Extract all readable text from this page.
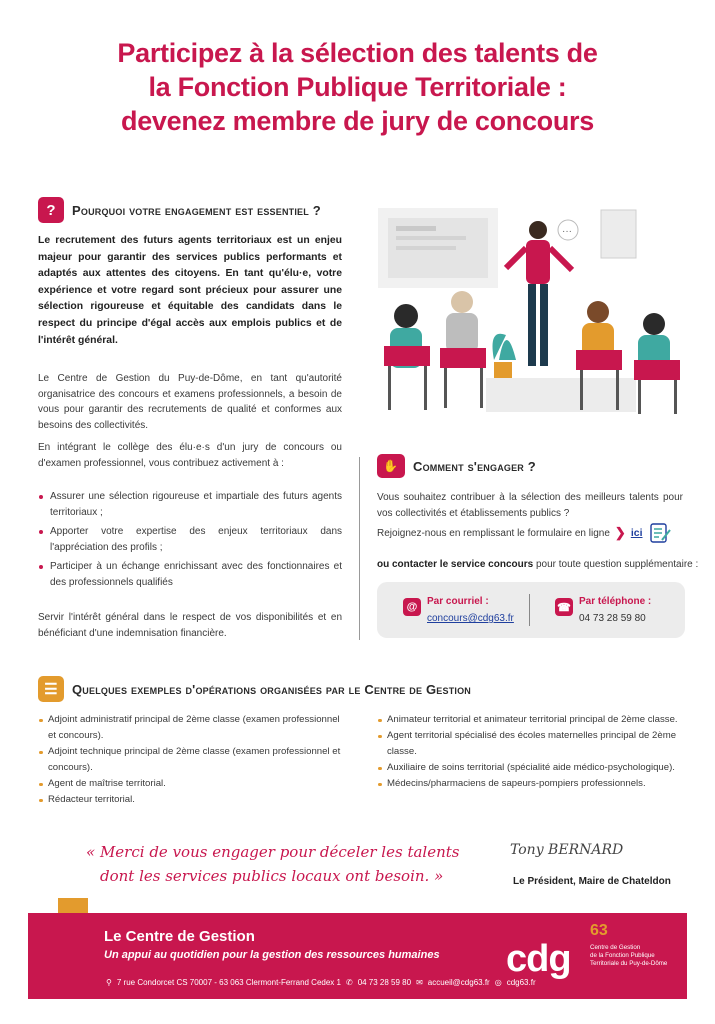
Participez à la sélection des talents de
la Fonction Publique Territoriale :
devenez membre de jury de concours
?	Pourquoi votre engagement est essentiel ?
Le recrutement des futurs agents territoriaux est un enjeu majeur pour garantir des services publics performants et adaptés aux attentes des citoyens. En tant qu'élu·e, votre expérience et votre regard sont précieux pour assurer une sélection rigoureuse et équitable des candidats dans le respect du principe d'égal accès aux emplois publics et de l'intérêt général.
Le Centre de Gestion du Puy-de-Dôme, en tant qu'autorité organisatrice des concours et examens professionnels, a besoin de vous pour garantir des recrutements de qualité et conformes aux besoins des collectivités.
En intégrant le collège des élu·e·s d'un jury de concours ou d'examen professionnel, vous contribuez activement à :
Assurer une sélection rigoureuse et impartiale des futurs agents territoriaux ;
Apporter votre expertise des enjeux territoriaux dans l'appréciation des profils ;
Participer à un échange enrichissant avec des fonctionnaires et des professionnels qualifiés
Servir l'intérêt général dans le respect de vos disponibilités et en bénéficiant d'une indemnisation financière.
···
✋	Comment s'engager ?
Vous souhaitez contribuer à la sélection des meilleurs talents pour vos collectivités et établissements publics ?
Rejoignez-nous en remplissant le formulaire en ligne ❯ ici
ou contacter le service concours pour toute question supplémentaire :
@ Par courriel :
concours@cdg63.fr
☎ Par téléphone :
04 73 28 59 80
☰	Quelques exemples d'opérations organisées par le Centre de Gestion
Adjoint administratif principal de 2ème classe (examen professionnel et concours).
Adjoint technique principal de 2ème classe (examen professionnel et concours).
Agent de maîtrise territorial.
Rédacteur territorial.
Animateur territorial et animateur territorial principal de 2ème classe.
Agent territorial spécialisé des écoles maternelles principal de 2ème classe.
Auxiliaire de soins territorial (spécialité aide médico-psychologique).
Médecins/pharmaciens de sapeurs-pompiers professionnels.
« Merci de vous engager pour déceler les talents
dont les services publics locaux ont besoin. »
Tony BERNARD
Le Président, Maire de Chateldon
Le Centre de Gestion
Un appui au quotidien pour la gestion des ressources humaines
⚲ 7 rue Condorcet CS 70007 - 63 063 Clermont-Ferrand Cedex 1 ✆ 04 73 28 59 80 ✉ accueil@cdg63.fr ◎ cdg63.fr
cdg
63
Centre de Gestion
de la Fonction Publique
Territoriale du Puy-de-Dôme
